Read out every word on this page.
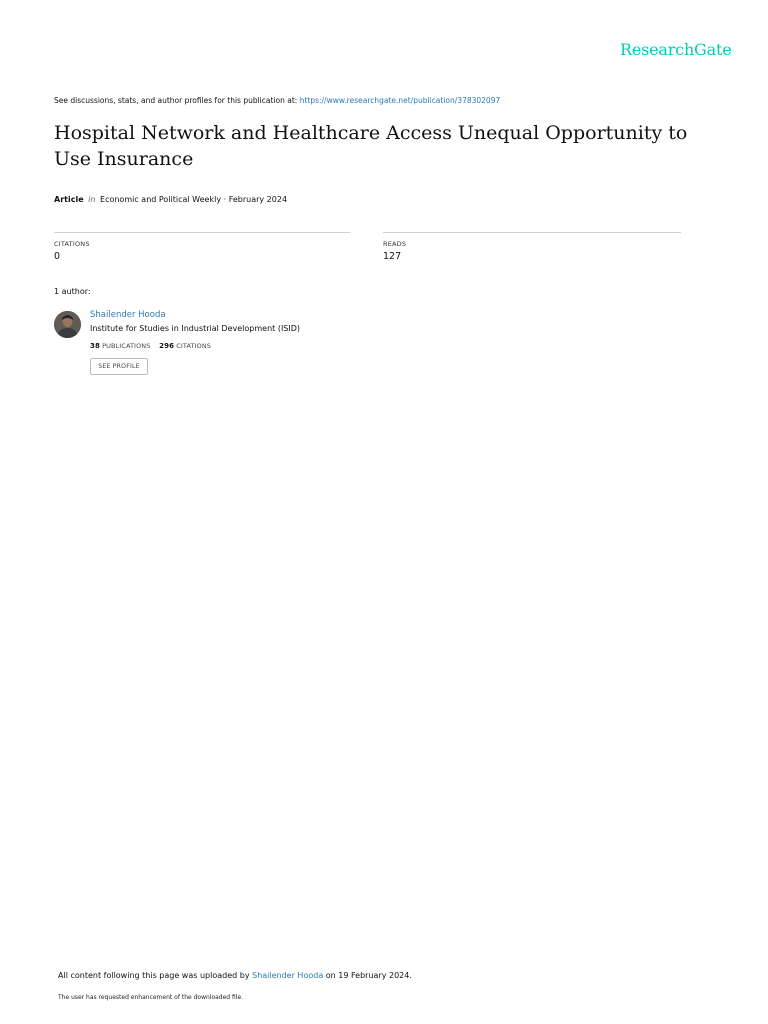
ResearchGate
See discussions, stats, and author profiles for this publication at: https://www.researchgate.net/publication/378302097
Hospital Network and Healthcare Access Unequal Opportunity to Use Insurance
Article in Economic and Political Weekly · February 2024
CITATIONS
0
READS
127
1 author:
Shailender Hooda
Institute for Studies in Industrial Development (ISID)
38 PUBLICATIONS 296 CITATIONS
SEE PROFILE
All content following this page was uploaded by Shailender Hooda on 19 February 2024.
The user has requested enhancement of the downloaded file.
